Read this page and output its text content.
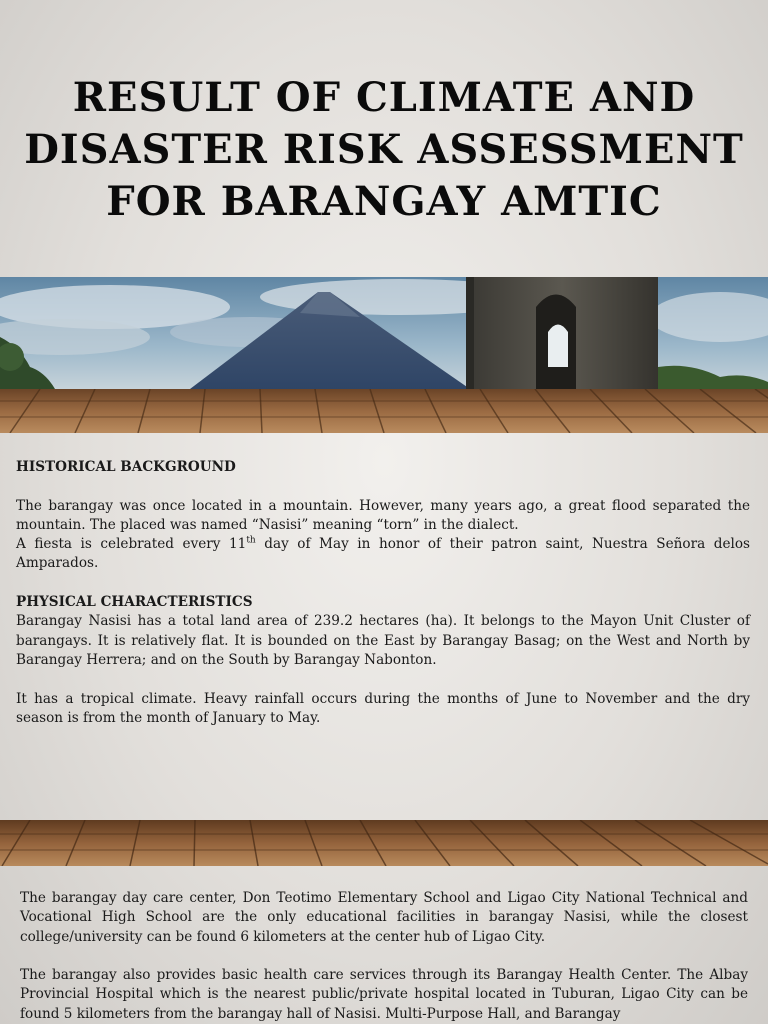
RESULT OF CLIMATE AND
DISASTER RISK ASSESSMENT
FOR BARANGAY AMTIC
HISTORICAL BACKGROUND

The barangay was once located in a mountain. However, many years ago, a great flood separated the mountain. The placed was named “Nasisi” meaning “torn” in the dialect.

A fiesta is celebrated every 11th day of May in honor of their patron saint, Nuestra Señora delos Amparados.

PHYSICAL CHARACTERISTICS

Barangay Nasisi has a total land area of 239.2 hectares (ha). It belongs to the Mayon Unit Cluster of barangays. It is relatively flat. It is bounded on the East by Barangay Basag; on the West and North by Barangay Herrera; and on the South by Barangay Nabonton.

It has a tropical climate. Heavy rainfall occurs during the months of June to November and the dry season is from the month of January to May.

The barangay day care center, Don Teotimo Elementary School and Ligao City National Technical and Vocational High School are the only educational facilities in barangay Nasisi, while the closest college/university can be found 6 kilometers at the center hub of Ligao City.

The barangay also provides basic health care services through its Barangay Health Center. The Albay Provincial Hospital which is the nearest public/private hospital located in Tuburan, Ligao City can be found 5 kilometers from the barangay hall of Nasisi. Multi-Purpose Hall, and Barangay
